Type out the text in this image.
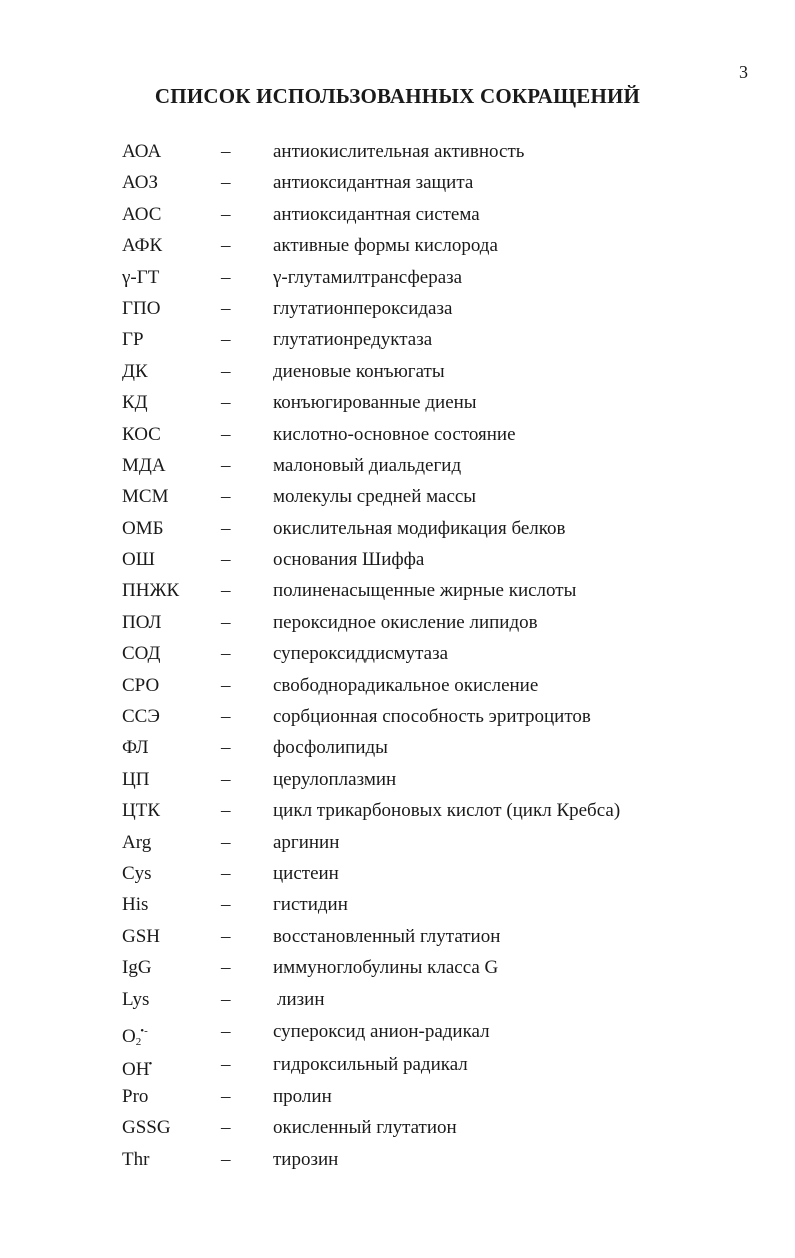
3
СПИСОК ИСПОЛЬЗОВАННЫХ СОКРАЩЕНИЙ
АОА	– антиокислительная активность
АОЗ	– антиоксидантная защита
АОС	– антиоксидантная система
АФК	– активные формы кислорода
γ-ГТ	– γ-глутамилтрансфераза
ГПО	– глутатионпероксидаза
ГР	– глутатионредуктаза
ДК	– диеновые конъюгаты
КД	– конъюгированные диены
КОС	– кислотно-основное состояние
МДА	– малоновый диальдегид
МСМ	– молекулы средней массы
ОМБ	– окислительная модификация белков
ОШ	– основания Шиффа
ПНЖК – полиненасыщенные жирные кислоты
ПОЛ	– пероксидное окисление липидов
СОД	– супероксиддисмутаза
СРО	– свободнорадикальное окисление
ССЭ	– сорбционная способность эритроцитов
ФЛ	– фосфолипиды
ЦП	– церулоплазмин
ЦТК	– цикл трикарбоновых кислот (цикл Кребса)
Arg	– аргинин
Cys	– цистеин
His	– гистидин
GSH	– восстановленный глутатион
IgG	– иммуноглобулины класса G
Lys	– лизин
$O_2^{•-}$	– супероксид анион-радикал
OH•	– гидроксильный радикал
Pro	– пролин
GSSG	– окисленный глутатион
Thr	– тирозин
